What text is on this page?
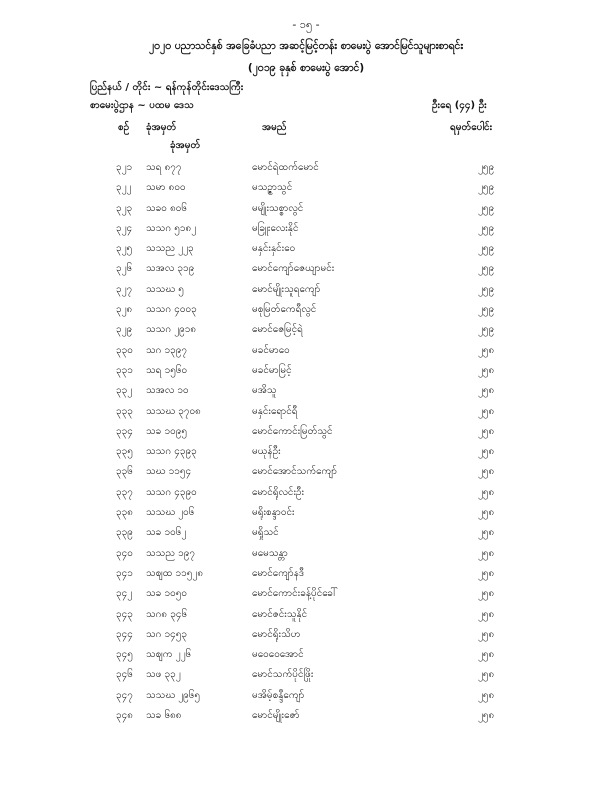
- ၁၅ -
၂၀၂၀ ပညာသင်နှစ် အခြေခံပညာ အဆင့်မြင့်တန်း စာမေးပွဲ အောင်မြင်သူများစာရင်း
(၂၀၁၉ ခုနှစ် စာမေးပွဲ အောင်)
ပြည်နယ် / တိုင်း ~ ရန်ကုန်တိုင်းဒေသကြီး
စာမေးပွဲဌာန ~ ပထမ ဒေသ	ဦးရေ (၄၄) ဦး
စဉ် ခုံအမှတ်
ခုံအမှတ်
အမည်	ရမှတ်ပေါင်း
၃၂၁ သရ ၈၇၇	မောင်ရဲထက်မောင်	၂၅၉
၃၂၂ သမာ ၈၀၀	မသဉ္ဇာသွင်	၂၅၉
၃၂၃ သခ၀ ၈၀၆	မမျိုးသစ္စာလွင်	၂၅၉
၃၂၄ သသဂ ၅၁၈၂	မခြူးလေးနိုင်	၂၅၉
၃၂၅ သသည ၂၂၃	မနှင်းနှင်းဝေ	၂၅၉
၃၂၆ သအလ ၃၁၉	မောင်ကျော်ဇေယျာမင်း	၂၅၉
၃၂၇ သသဃ ၅	မောင်မျိုးသူရကျော်	၂၅၉
၃၂၈ သသဂ ၄၀၀၃	မစုမြတ်ကေရီလွင်	၂၅၉
၃၂၉ သသဂ ၂၉၁၈	မောင်ဇေမြင့်ရဲ	၂၅၉
၃၃၀ သဂ ၁၃၉၇	မခင်မာဝေ	၂၅၈
၃၃၁ သရ ၁၅၆၀	မခင်မာမြင့်	၂၅၈
၃၃၂ သအလ ၁၀	မအိသူ	၂၅၈
၃၃၃ သသဃ ၃၇၀၈	မနှင်းရောင်ရီ	၂၅၈
၃၃၄ သခ ၁၀၉၅	မောင်ကောင်းမြတ်သွင်	၂၅၈
၃၃၅ သသဂ ၄၃၉၃	မယုန်ဦး	၂၅၈
၃၃၆ သဃ ၁၁၅၄	မောင်အောင်သက်ကျော်	၂၅၈
၃၃၇ သသဂ ၄၃၉၀	မောင်ရိုလင်းဦး	၂၅၈
၃၃၈ သသဃ ၂၀၆	မရိုးစန္ဒာဝင်း	၂၅၈
၃၃၉ သခ ၁၀၆၂	မရှိုသင်	၂၅၈
၃၄၀ သသည ၁၉၇	မမေသန္တာ	၂၅၈
၃၄၁ သဈထ ၁၁၅၂၈	မောင်ကျော်နဒီ	၂၅၈
၃၄၂ သခ ၁၀၅၀	မောင်ကောင်းခန့်ပိုင်ခေါ်	၂၅၈
၃၄၃ သဂ၈ ၃၄၆	မောင်ဇင်းသူနိုင်	၂၅၈
၃၄၄ သဂ ၁၄၅၃	မောင်ရိုးသိဟ	၂၅၈
၃၄၅ သဈက ၂၂၆	မဝေဝေအောင်	၂၅၈
၃၄၆ သဖ ၃၃၂	မောင်သက်ပိုင်ဖြိုး	၂၅၈
၃၄၇ သသဃ ၂၉၆၅	မအိမ့်စန္ဒီကျော်	၂၅၈
၃၄၈ သခ ၆၈၈	မောင်မျိုးဇော်	၂၅၈
